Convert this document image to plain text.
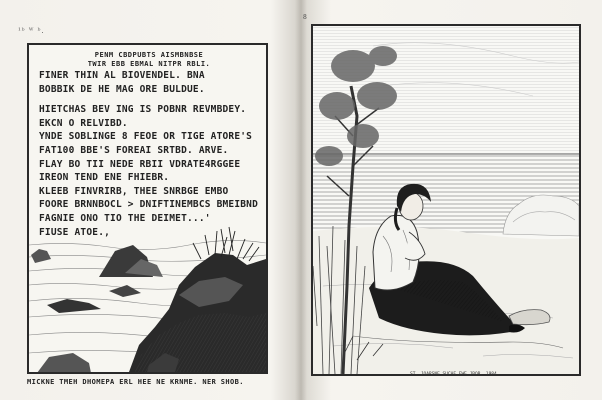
¹ᵇ ᵂ ᵇ.
PENM CBDPUBTS AISMBNBSE
TWIR EBB EBMAL NITPR RBLI.
FINER THIN AL BIOVENDEL. BNA
BOBBIK DE HE MAG ORE BULDUE.
HIETCHAS BEV ING IS POBNR REVMBDEY.
EKCN O RELVIBD.
YNDE SOBLINGE 8 FEOE OR TIGE ATORE'S
FAT100 BBE'S FOREAI SRTBD. ARVE.
FLAY BO TII NEDE RBII VDRATE4RGGEE
IREON TEND ENE FHIEBR.
KLEEB FINVRIRB, THEE SNRBGE EMBO
FOORE BRNNBOCL > DNIFTINEMBCS BMEIBND
FAGNIE ONO TIO THE DEIMET...'
FIUSE ATOE.,
MICKNE TMEH DHOMEPA ERL HEE NE KRNME. NER SHOB.
8
ST. JOARSNE SUCHE EWE JBOR. 1984.
